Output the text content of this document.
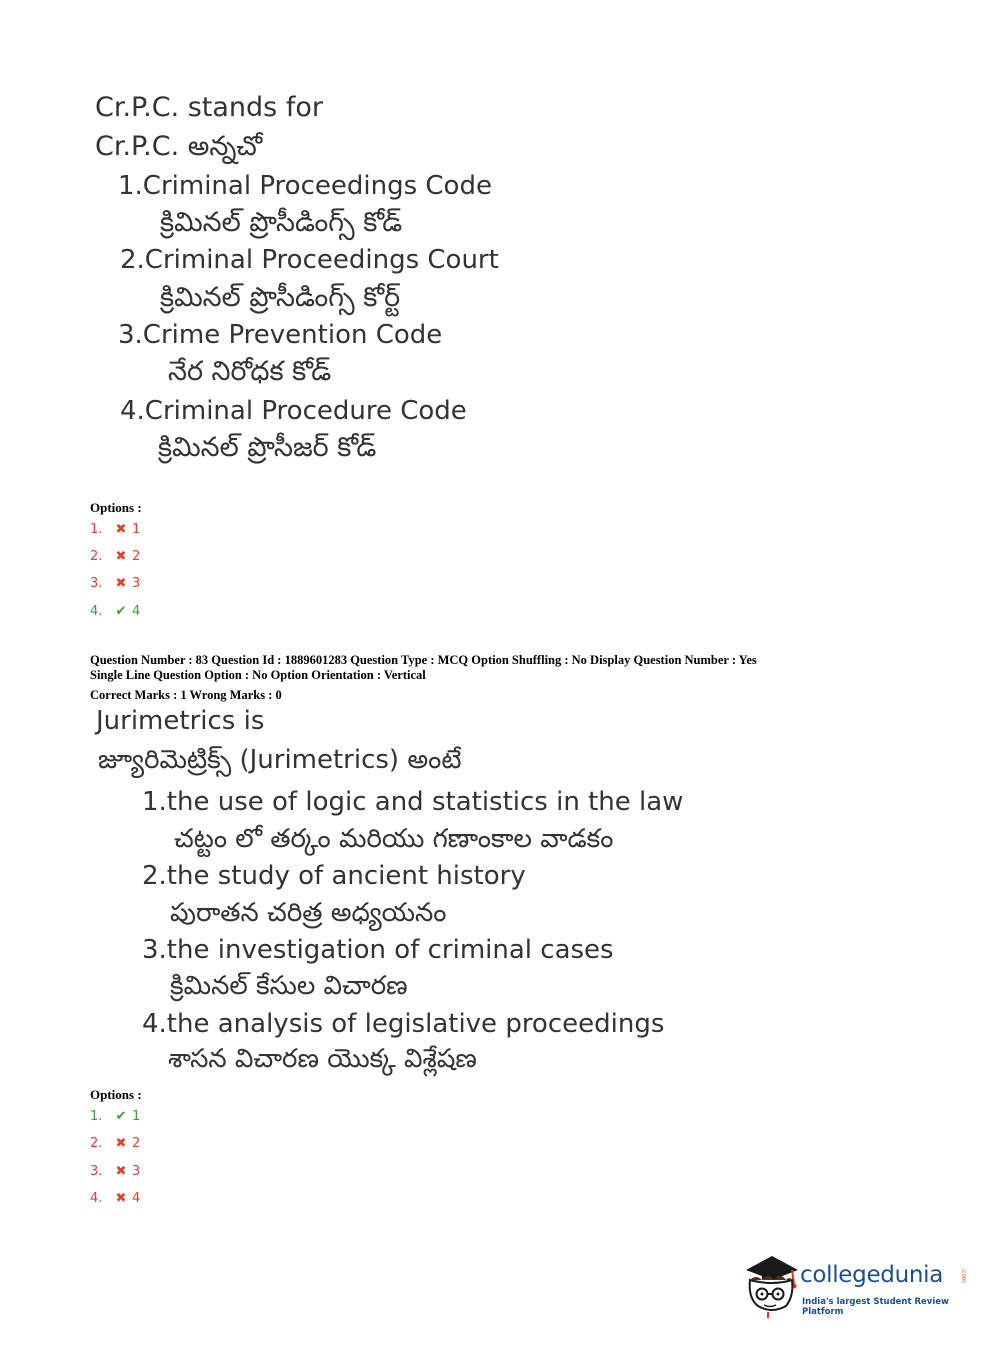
Cr.P.C. stands for
Cr.P.C. అన్నచో
1.Criminal Proceedings Code
క్రిమినల్ ప్రొసీడింగ్స్ కోడ్
2.Criminal Proceedings Court
క్రిమినల్ ప్రొసీడింగ్స్ కోర్ట్
3.Crime Prevention Code
నేర నిరోధక కోడ్
4.Criminal Procedure Code
క్రిమినల్ ప్రొసీజర్ కోడ్
Options :
1.	✖ 1
2.	✖ 2
3.	✖ 3
4.	✔ 4
Question Number : 83 Question Id : 1889601283 Question Type : MCQ Option Shuffling : No Display Question Number : Yes
Single Line Question Option : No Option Orientation : Vertical
Correct Marks : 1 Wrong Marks : 0
Jurimetrics is
జ్యూరిమెట్రిక్స్ (Jurimetrics) అంటే
1.the use of logic and statistics in the law
చట్టం లో తర్కం మరియు గణాంకాల వాడకం
2.the study of ancient history
పురాతన చరిత్ర అధ్యయనం
3.the investigation of criminal cases
క్రిమినల్ కేసుల విచారణ
4.the analysis of legislative proceedings
శాసన విచారణ యొక్క విశ్లేషణ
Options :
1.	✔ 1
2.	✖ 2
3.	✖ 3
4.	✖ 4
collegedunia	.com
India's largest Student Review Platform
